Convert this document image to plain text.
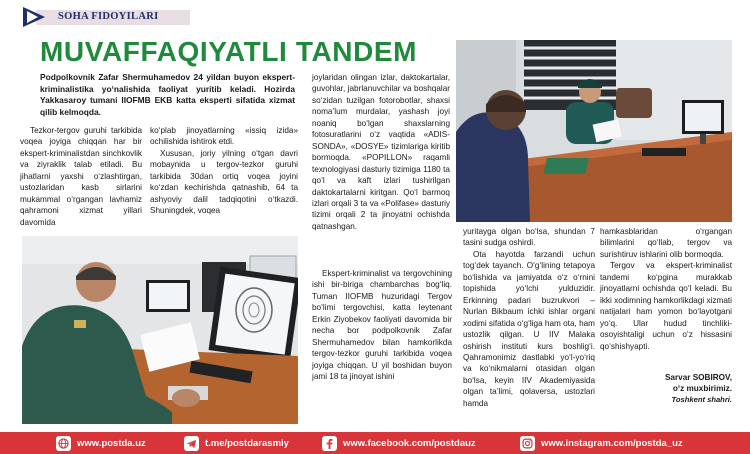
SOHA FIDOYILARI
MUVAFFAQIYATLI TANDEM
Podpolkovnik Zafar Shermuhamedov 24 yildan buyon ekspert-kriminalistika yo‘nalishida faoliyat yuritib keladi. Hozirda Yakkasaroy tumani IIOFMB EKB katta eksperti sifatida xizmat qilib kelmoqda.

Tezkor-tergov guruhi tarkibida voqea joyiga chiqqan har bir ekspert-kriminalistdan sinchkovlik va ziyraklik talab etiladi. Bu jihatlarni yaxshi o‘zlashtirgan, ustozlaridan kasb sirlarini mukammal o‘rgangan lavhamiz qahramoni xizmat yillari davomida

ko‘plab jinoyatlarning «issiq izida» ochilishida ishtirok etdi.

Xususan, joriy yilning o‘tgan davri mobaynida u tergov-tezkor guruhi tarkibida 30dan ortiq voqea joyini ko‘zdan kechirishda qatnashib, 64 ta ashyoviy dalil tadqiqotini o‘tkazdi. Shuningdek, voqea

joylaridan olingan izlar, daktokartalar, guvohlar, jabrlanuvchilar va boshqalar so‘zidan tuzilgan fotorobotlar, shaxsi noma’lum murdalar, yashash joyi noaniq bo‘lgan shaxslarning fotosuratlarini o‘z vaqtida «ADIS-SONDA», «DOSYE» tizimlariga kiritib bormoqda. «POPILLON» raqamli texnologiyasi dasturiy tizimiga 1180 ta qo‘l va kaft izlari tushirilgan daktokartalarni kiritgan. Qo‘l barmoq izlari orqali 3 ta va «Polifase» dasturiy tizimi orqali 2 ta jinoyatni ochishda qatnashgan.

Ekspert-kriminalist va tergovchining ishi bir-biriga chambarchas bog‘liq. Tuman IIOFMB huzuridagi Tergov bo‘limi tergovchisi, katta leytenant Erkin Ziyobekov faoliyati davomida bir necha bor podpolkovnik Zafar Shermuhamedov bilan hamkorlikda tergov-tezkor guruhi tarkibida voqea joyiga chiqqan. U yil boshidan buyon jami 18 ta jinoyat ishini

yuritayga olgan bo‘lsa, shundan 7 tasini sudga oshirdi.

Ota hayotda farzandi uchun tog‘dek tayanch. O‘g‘lining tetapoya bo‘lishida va jamiyatda o‘z o‘rnini topishida yo‘lchi yulduzidir. Erkinning padari buzrukvori – Nurlan Bikbaum ichki ishlar organi xodimi sifatida o‘g‘liga ham ota, ham ustozlik qilgan. U IIV Malaka oshirish instituti kurs boshlig‘i. Qahramonimiz dastlabki yo‘l-yo‘riq va ko‘nikmalarni otasidan olgan bo‘lsa, keyin IIV Akademiyasida olgan ta’limi, qolaversa, ustozlari hamda

hamkasblaridan o‘rgangan bilimlarini qo‘llab, tergov va surishtiruv ishlarini olib bormoqda.

Tergov va ekspert-kriminalist tandemi ko‘pgina murakkab jinoyatlarni ochishda qo‘l keladi. Bu ikki xodimning hamkorlikdagi xizmati natijalari ham yomon bo‘layotgani yo‘q. Ular hudud tinchliki-osoyishtaligi uchun o‘z hissasini qo‘shishyapti.

Sarvar SOBIROV,
o‘z muxbirimiz.
Toshkent shahri.
www.postda.uz	t.me/postdarasmiy	www.facebook.com/postdauz	www.instagram.com/postda_uz
